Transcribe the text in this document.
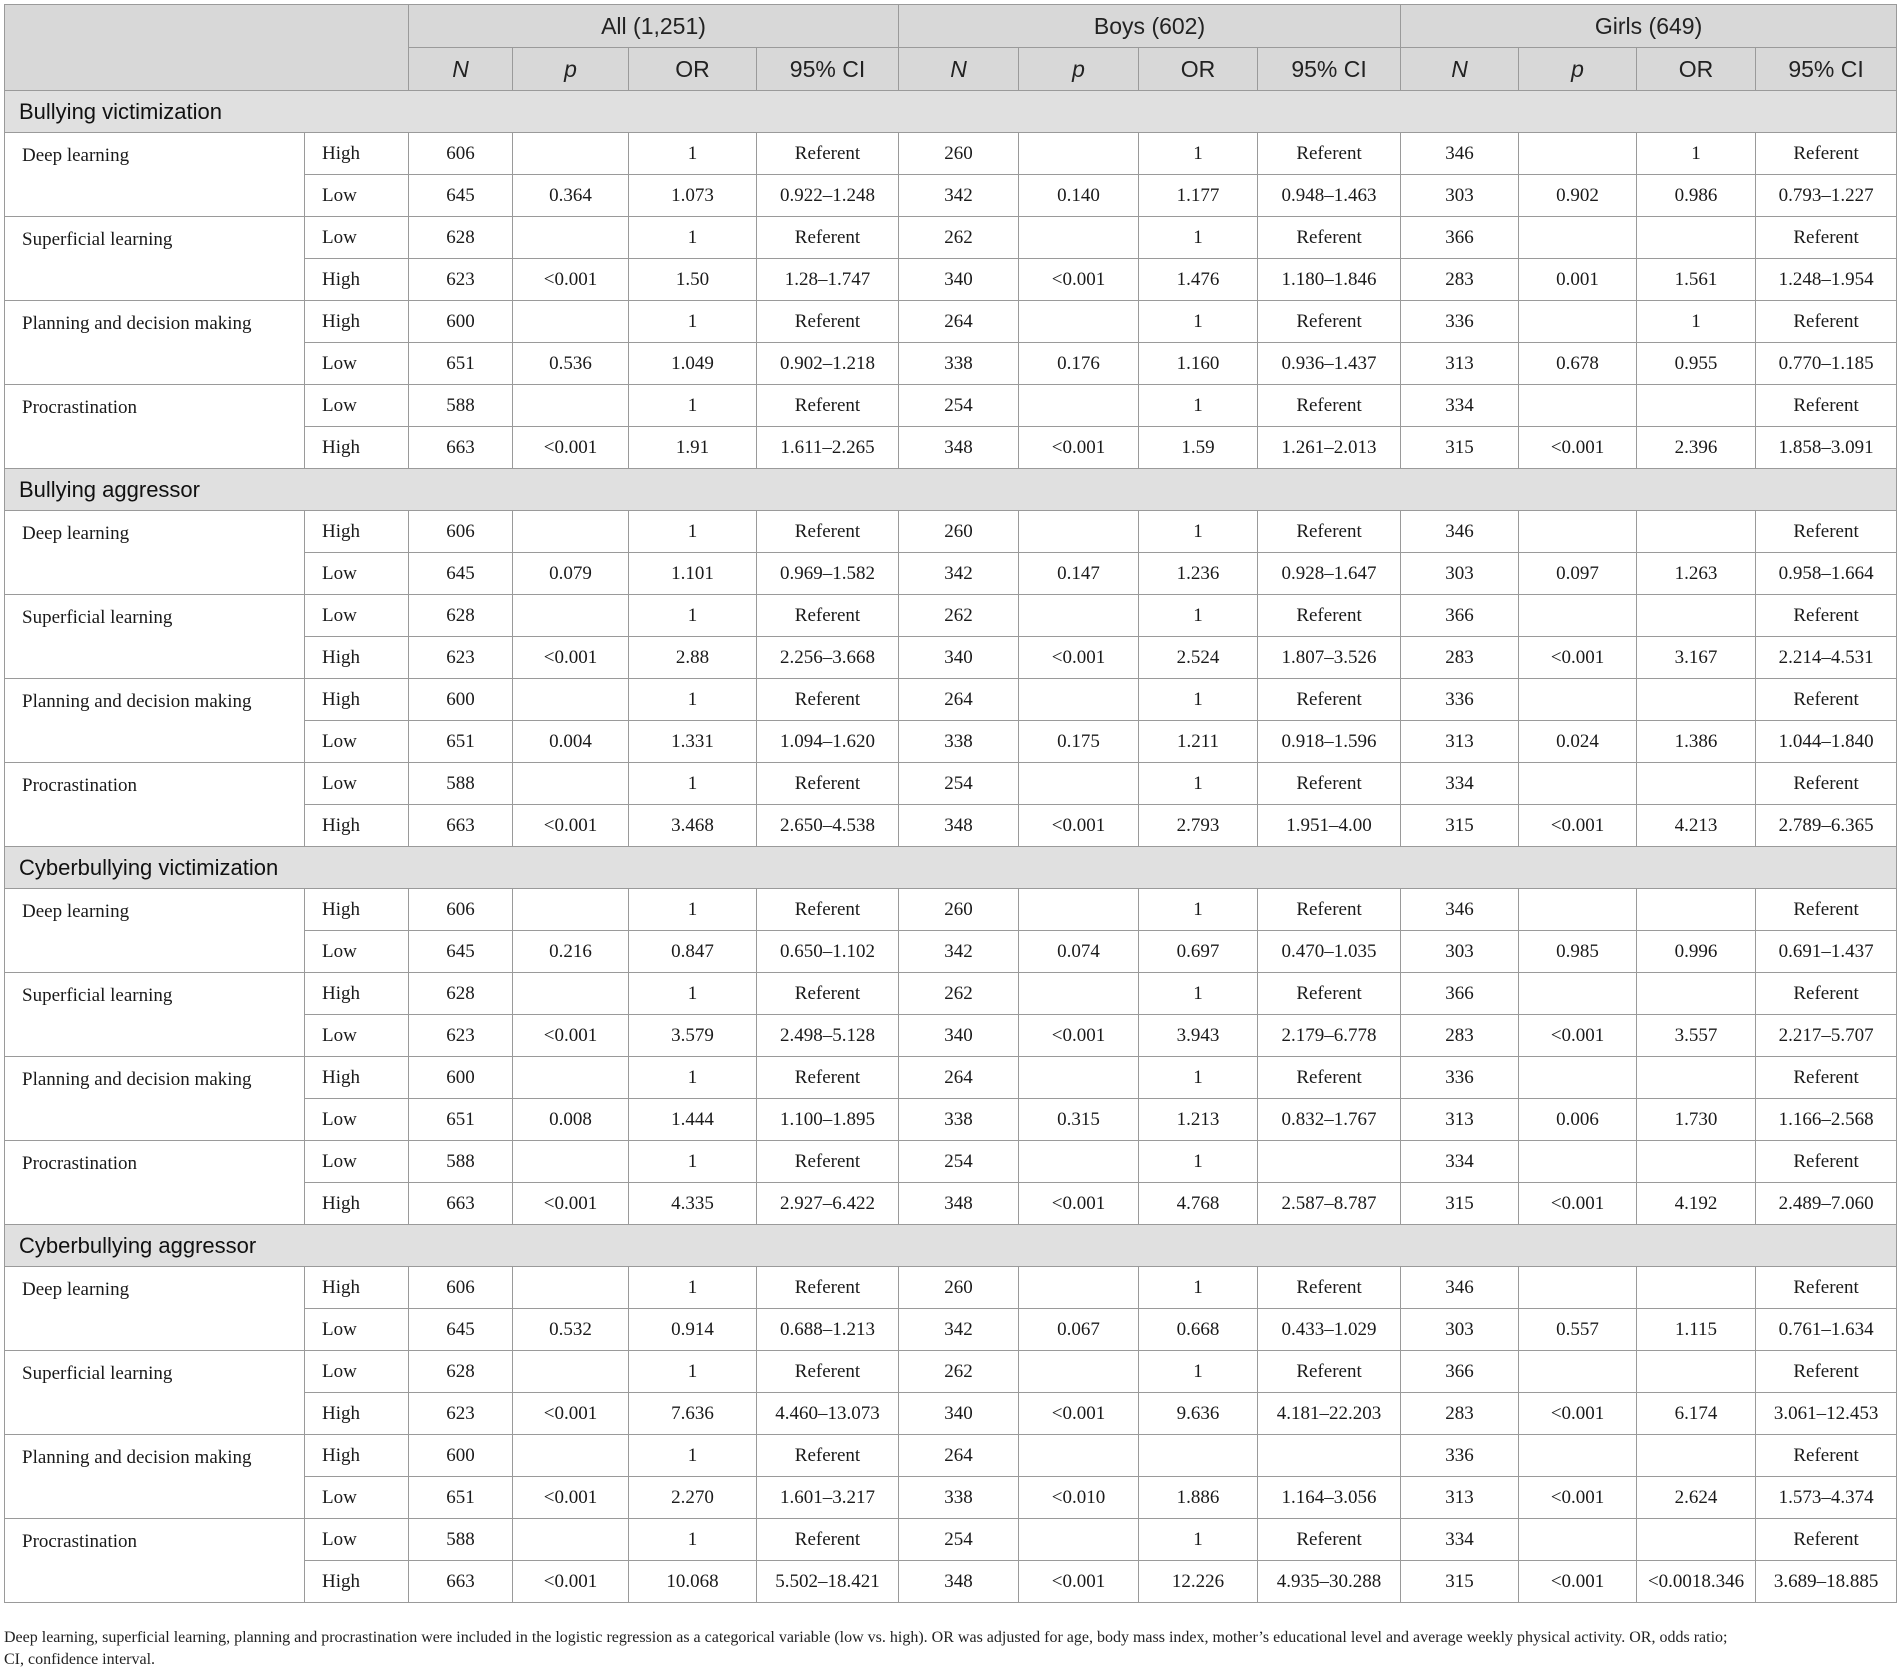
		All (1,251)				Boys (602)				Girls (649)			
		N	p	OR	95% CI	N	p	OR	95% CI	N	p	OR	95% CI
Bullying victimization													
Deep learning	High	606		1	Referent	260		1	Referent	346		1	Referent
	Low	645	0.364	1.073	0.922–1.248	342	0.140	1.177	0.948–1.463	303	0.902	0.986	0.793–1.227
Superficial learning	Low	628		1	Referent	262		1	Referent	366			Referent
	High	623	<0.001	1.50	1.28–1.747	340	<0.001	1.476	1.180–1.846	283	0.001	1.561	1.248–1.954
Planning and decision making	High	600		1	Referent	264		1	Referent	336		1	Referent
	Low	651	0.536	1.049	0.902–1.218	338	0.176	1.160	0.936–1.437	313	0.678	0.955	0.770–1.185
Procrastination	Low	588		1	Referent	254		1	Referent	334			Referent
	High	663	<0.001	1.91	1.611–2.265	348	<0.001	1.59	1.261–2.013	315	<0.001	2.396	1.858–3.091
Bullying aggressor													
Deep learning	High	606		1	Referent	260		1	Referent	346			Referent
	Low	645	0.079	1.101	0.969–1.582	342	0.147	1.236	0.928–1.647	303	0.097	1.263	0.958–1.664
Superficial learning	Low	628		1	Referent	262		1	Referent	366			Referent
	High	623	<0.001	2.88	2.256–3.668	340	<0.001	2.524	1.807–3.526	283	<0.001	3.167	2.214–4.531
Planning and decision making	High	600		1	Referent	264		1	Referent	336			Referent
	Low	651	0.004	1.331	1.094–1.620	338	0.175	1.211	0.918–1.596	313	0.024	1.386	1.044–1.840
Procrastination	Low	588		1	Referent	254		1	Referent	334			Referent
	High	663	<0.001	3.468	2.650–4.538	348	<0.001	2.793	1.951–4.00	315	<0.001	4.213	2.789–6.365
Cyberbullying victimization													
Deep learning	High	606		1	Referent	260		1	Referent	346			Referent
	Low	645	0.216	0.847	0.650–1.102	342	0.074	0.697	0.470–1.035	303	0.985	0.996	0.691–1.437
Superficial learning	High	628		1	Referent	262		1	Referent	366			Referent
	Low	623	<0.001	3.579	2.498–5.128	340	<0.001	3.943	2.179–6.778	283	<0.001	3.557	2.217–5.707
Planning and decision making	High	600		1	Referent	264		1	Referent	336			Referent
	Low	651	0.008	1.444	1.100–1.895	338	0.315	1.213	0.832–1.767	313	0.006	1.730	1.166–2.568
Procrastination	Low	588		1	Referent	254		1		334			Referent
	High	663	<0.001	4.335	2.927–6.422	348	<0.001	4.768	2.587–8.787	315	<0.001	4.192	2.489–7.060
Cyberbullying aggressor													
Deep learning	High	606		1	Referent	260		1	Referent	346			Referent
	Low	645	0.532	0.914	0.688–1.213	342	0.067	0.668	0.433–1.029	303	0.557	1.115	0.761–1.634
Superficial learning	Low	628		1	Referent	262		1	Referent	366			Referent
	High	623	<0.001	7.636	4.460–13.073	340	<0.001	9.636	4.181–22.203	283	<0.001	6.174	3.061–12.453
Planning and decision making	High	600		1	Referent	264				336			Referent
	Low	651	<0.001	2.270	1.601–3.217	338	<0.010	1.886	1.164–3.056	313	<0.001	2.624	1.573–4.374
Procrastination	Low	588		1	Referent	254		1	Referent	334			Referent
	High	663	<0.001	10.068	5.502–18.421	348	<0.001	12.226	4.935–30.288	315	<0.001	<0.0018.346	3.689–18.885
Deep learning, superficial learning, planning and procrastination were included in the logistic regression as a categorical variable (low vs. high). OR was adjusted for age, body mass index, mother’s educational level and average weekly physical activity. OR, odds ratio;
CI, confidence interval.
